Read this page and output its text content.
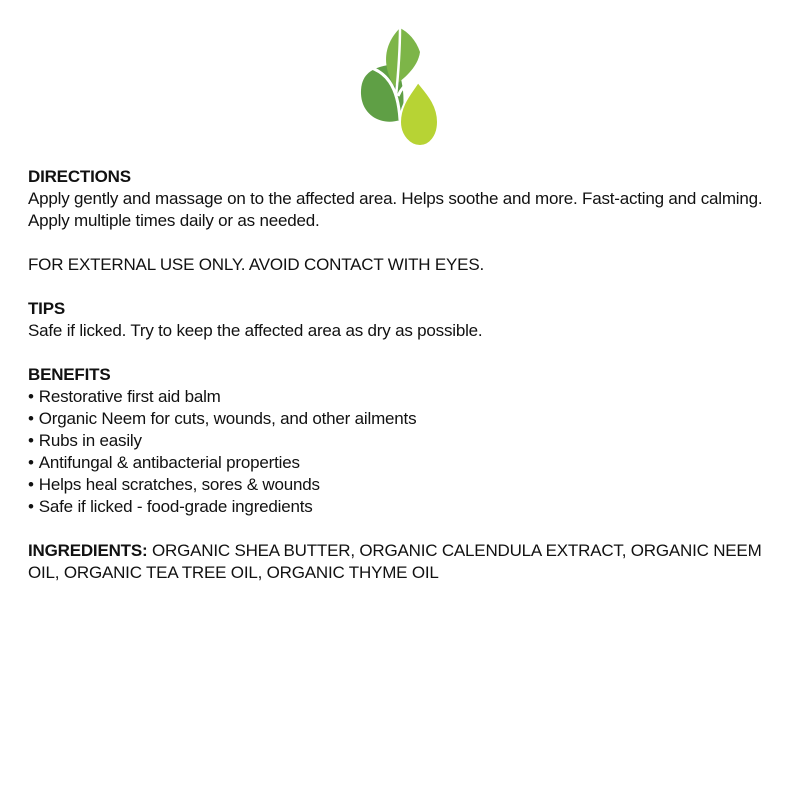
DIRECTIONS

Apply gently and massage on to the affected area. Helps soothe and more. Fast-acting and calming. Apply multiple times daily or as needed.

FOR EXTERNAL USE ONLY. AVOID CONTACT WITH EYES.

TIPS

Safe if licked. Try to keep the affected area as dry as possible.

BENEFITS

• Restorative first aid balm
• Organic Neem for cuts, wounds, and other ailments
• Rubs in easily
• Antifungal & antibacterial properties
• Helps heal scratches, sores & wounds
• Safe if licked - food-grade ingredients

INGREDIENTS: ORGANIC SHEA BUTTER, ORGANIC CALENDULA EXTRACT, ORGANIC NEEM OIL, ORGANIC TEA TREE OIL, ORGANIC THYME OIL
